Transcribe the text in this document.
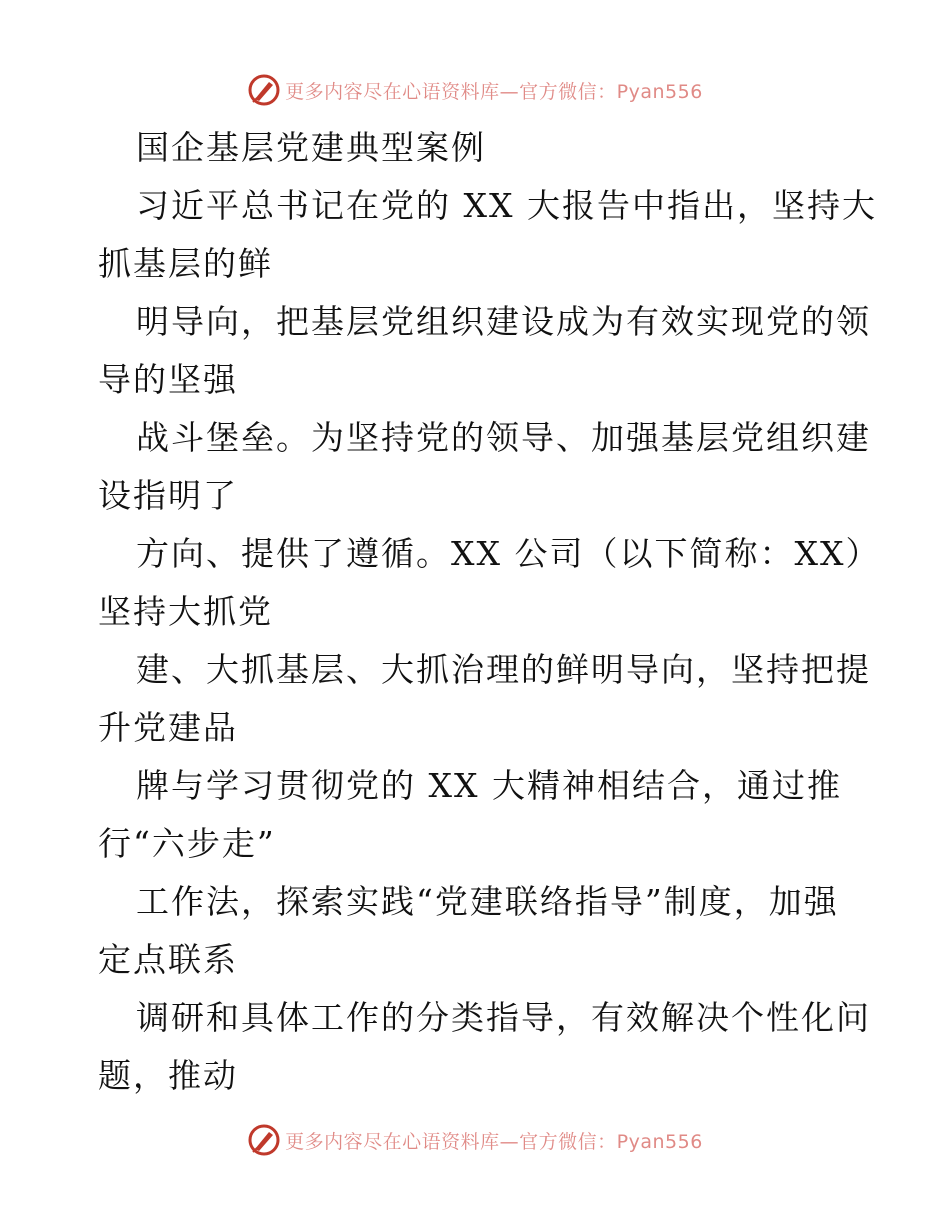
更多内容尽在心语资料库—官方微信：Pyan556
国企基层党建典型案例
习近平总书记在党的 XX 大报告中指出，坚持大
抓基层的鲜
明导向，把基层党组织建设成为有效实现党的领
导的坚强
战斗堡垒。为坚持党的领导、加强基层党组织建
设指明了
方向、提供了遵循。XX 公司（以下简称：XX）
坚持大抓党
建、大抓基层、大抓治理的鲜明导向，坚持把提
升党建品
牌与学习贯彻党的 XX 大精神相结合，通过推
行“六步走”
工作法，探索实践“党建联络指导”制度，加强
定点联系
调研和具体工作的分类指导，有效解决个性化问
题，推动
更多内容尽在心语资料库—官方微信：Pyan556
